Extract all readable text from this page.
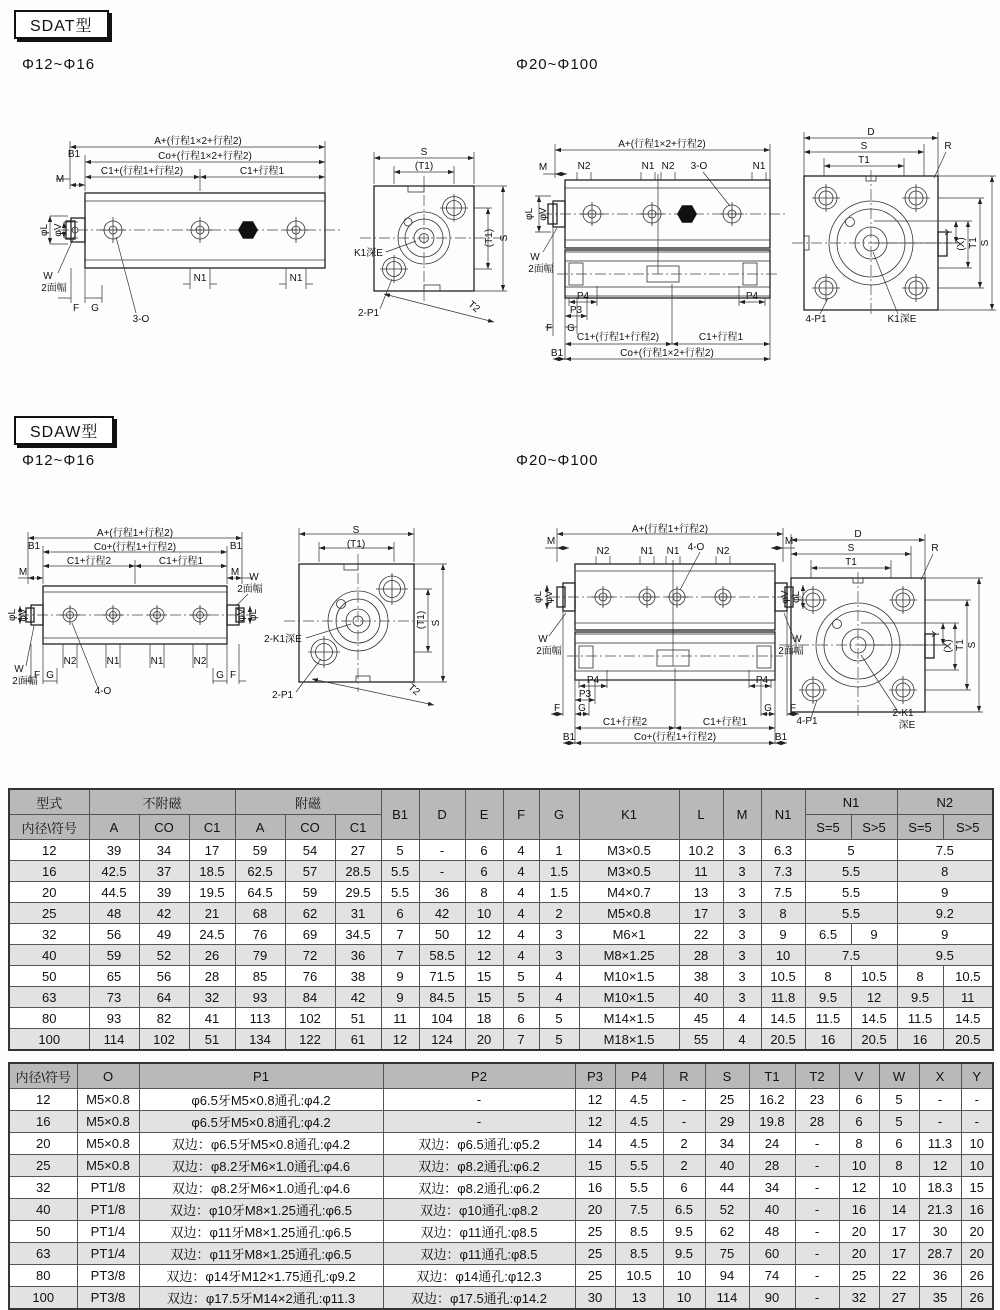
SDAT型
Φ12~Φ16	Φ20~Φ100
A+(行程1×2+行程2)
Co+(行程1×2+行程2)
C1+(行程1+行程2)	C1+行程1
B1
M
φV
φL
W
2面幅
F G
3-O
N1	N1
S
(T1)
K1深E
2-P1
(T1) S
T2
A+(行程1×2+行程2)
M	N2	N1 N2 3-O	N1
φL φV
W
2面幅
P4
P3
P4
F G
C1+(行程1+行程2)	C1+行程1
B1	Co+(行程1×2+行程2)
D
S	R
T1
Y
(X) T1 S
4-P1	K1深E
SDAW型
Φ12~Φ16	Φ20~Φ100
A+(行程1+行程2)
Co+(行程1+行程2)
B1	B1
C1+行程2	C1+行程1
M	M W
2面幅
φL φV	φV φL
W
2面幅
N2	N1	N1	N2
F G
4-O
G F
S
(T1)
2-K1深E
2-P1
(T1) S
T2
A+(行程1+行程2)
M	M
N2	N1 N1 4-O N2
φL φV	φV φL
W
2面幅
W
2面幅
P4
P3
P4
F G	G F
C1+行程2	C1+行程1
B1	Co+(行程1+行程2)	B1
D
S	R
T1
Y
(X) T1 S
4-P1
2-K1
深E
型式	不附磁			附磁			B1	D	E	F	G	K1	L	M	N1	N1		N2	
内径\符号	A	CO	C1	A	CO	C1										S=5	S>5	S=5	S>5
12	39	34	17	59	54	27	5	-	6	4	1	M3×0.5	10.2	3	6.3	5		7.5	
16	42.5	37	18.5	62.5	57	28.5	5.5	-	6	4	1.5	M3×0.5	11	3	7.3	5.5		8	
20	44.5	39	19.5	64.5	59	29.5	5.5	36	8	4	1.5	M4×0.7	13	3	7.5	5.5		9	
25	48	42	21	68	62	31	6	42	10	4	2	M5×0.8	17	3	8	5.5		9.2	
32	56	49	24.5	76	69	34.5	7	50	12	4	3	M6×1	22	3	9	6.5	9	9	
40	59	52	26	79	72	36	7	58.5	12	4	3	M8×1.25	28	3	10	7.5		9.5	
50	65	56	28	85	76	38	9	71.5	15	5	4	M10×1.5	38	3	10.5	8	10.5	8	10.5
63	73	64	32	93	84	42	9	84.5	15	5	4	M10×1.5	40	3	11.8	9.5	12	9.5	11
80	93	82	41	113	102	51	11	104	18	6	5	M14×1.5	45	4	14.5	11.5	14.5	11.5	14.5
100	114	102	51	134	122	61	12	124	20	7	5	M18×1.5	55	4	20.5	16	20.5	16	20.5
内径\符号	O	P1	P2	P3	P4	R	S	T1	T2	V	W	X	Y
12	M5×0.8	φ6.5牙M5×0.8通孔:φ4.2	-	12	4.5	-	25	16.2	23	6	5	-	-
16	M5×0.8	φ6.5牙M5×0.8通孔:φ4.2	-	12	4.5	-	29	19.8	28	6	5	-	-
20	M5×0.8	双边：φ6.5牙M5×0.8通孔:φ4.2	双边：φ6.5通孔:φ5.2	14	4.5	2	34	24	-	8	6	11.3	10
25	M5×0.8	双边：φ8.2牙M6×1.0通孔:φ4.6	双边：φ8.2通孔:φ6.2	15	5.5	2	40	28	-	10	8	12	10
32	PT1/8	双边：φ8.2牙M6×1.0通孔:φ4.6	双边：φ8.2通孔:φ6.2	16	5.5	6	44	34	-	12	10	18.3	15
40	PT1/8	双边：φ10牙M8×1.25通孔:φ6.5	双边：φ10通孔:φ8.2	20	7.5	6.5	52	40	-	16	14	21.3	16
50	PT1/4	双边：φ11牙M8×1.25通孔:φ6.5	双边：φ11通孔:φ8.5	25	8.5	9.5	62	48	-	20	17	30	20
63	PT1/4	双边：φ11牙M8×1.25通孔:φ6.5	双边：φ11通孔:φ8.5	25	8.5	9.5	75	60	-	20	17	28.7	20
80	PT3/8	双边：φ14牙M12×1.75通孔:φ9.2	双边：φ14通孔:φ12.3	25	10.5	10	94	74	-	25	22	36	26
100	PT3/8	双边：φ17.5牙M14×2通孔:φ11.3	双边：φ17.5通孔:φ14.2	30	13	10	114	90	-	32	27	35	26
